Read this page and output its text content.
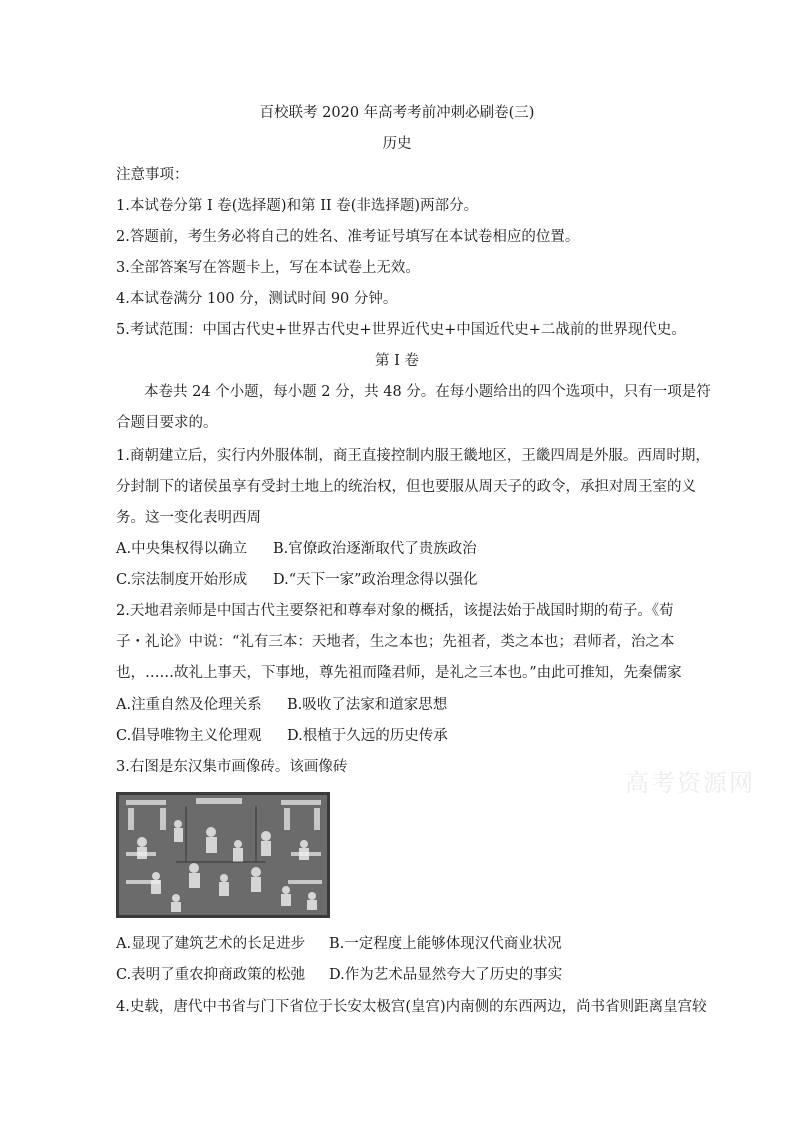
百校联考 2020 年高考考前冲刺必刷卷(三)
历史
注意事项：
1.本试卷分第 I 卷(选择题)和第 II 卷(非选择题)两部分。
2.答题前，考生务必将自己的姓名、准考证号填写在本试卷相应的位置。
3.全部答案写在答题卡上，写在本试卷上无效。
4.本试卷满分 100 分，测试时间 90 分钟。
5.考试范围：中国古代史+世界古代史+世界近代史+中国近代史+二战前的世界现代史。
第 I 卷
本卷共 24 个小题，每小题 2 分，共 48 分。在每小题给出的四个选项中，只有一项是符
合题目要求的。
1.商朝建立后，实行内外服体制，商王直接控制内服王畿地区，王畿四周是外服。西周时期，
分封制下的诸侯虽享有受封土地上的统治权，但也要服从周天子的政令，承担对周王室的义
务。这一变化表明西周
A.中央集权得以确立 B.官僚政治逐渐取代了贵族政治
C.宗法制度开始形成 D.“天下一家”政治理念得以强化
2.天地君亲师是中国古代主要祭祀和尊奉对象的概括，该提法始于战国时期的荀子。《荀
子・礼论》中说：“礼有三本：天地者，生之本也；先祖者，类之本也；君师者，治之本
也，……故礼上事天，下事地，尊先祖而隆君师，是礼之三本也。”由此可推知，先秦儒家
A.注重自然及伦理关系 B.吸收了法家和道家思想
C.倡导唯物主义伦理观 D.根植于久远的历史传承
3.右图是东汉集市画像砖。该画像砖
高考资源网
A.显现了建筑艺术的长足进步 B.一定程度上能够体现汉代商业状况
C.表明了重农抑商政策的松弛 D.作为艺术品显然夸大了历史的事实
4.史载，唐代中书省与门下省位于长安太极宫(皇宫)内南侧的东西两边，尚书省则距离皇宫较
